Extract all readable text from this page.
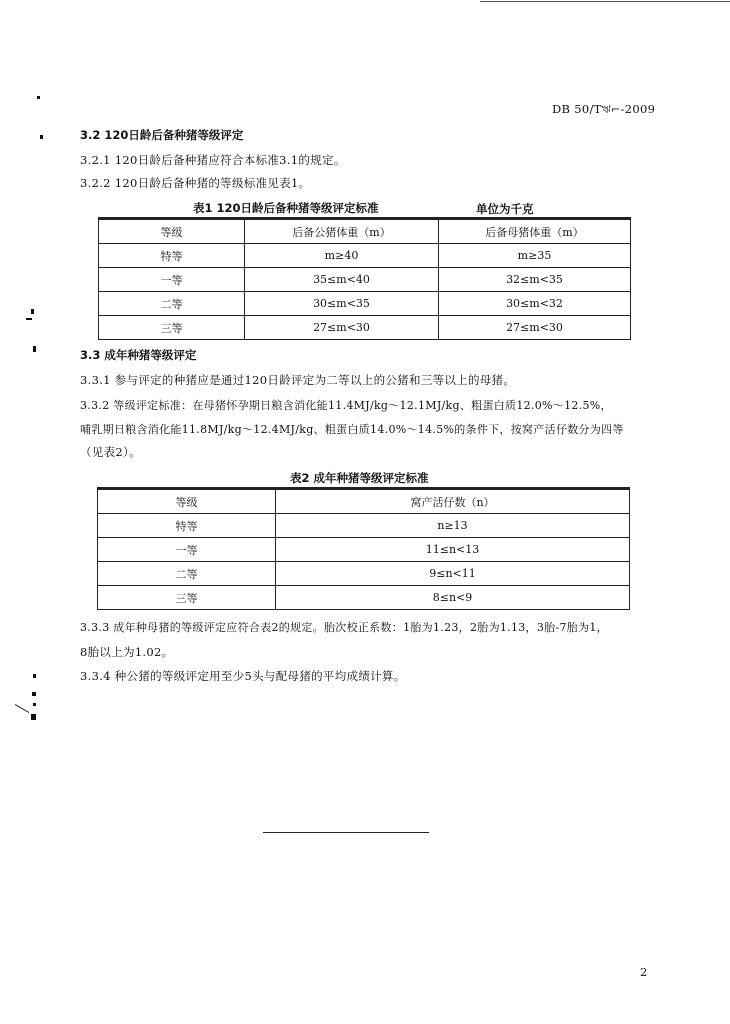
DB 50/Tঋ⌐-2009
3.2 120日龄后备种猪等级评定
3.2.1 120日龄后备种猪应符合本标准3.1的规定。
3.2.2 120日龄后备种猪的等级标准见表1。
表1 120日龄后备种猪等级评定标准	单位为千克
等级	后备公猪体重（m）	后备母猪体重（m）
特等	m≥40	m≥35
一等	35≤m<40	32≤m<35
二等	30≤m<35	30≤m<32
三等	27≤m<30	27≤m<30
3.3 成年种猪等级评定
3.3.1 参与评定的种猪应是通过120日龄评定为二等以上的公猪和三等以上的母猪。
3.3.2 等级评定标准：在母猪怀孕期日粮含消化能11.4MJ/kg～12.1MJ/kg、粗蛋白质12.0%～12.5%，
哺乳期日粮含消化能11.8MJ/kg～12.4MJ/kg、粗蛋白质14.0%～14.5%的条件下，按窝产活仔数分为四等
（见表2）。
表2 成年种猪等级评定标准
等级	窝产活仔数（n）
特等	n≥13
一等	11≤n<13
二等	9≤n<11
三等	8≤n<9
3.3.3 成年种母猪的等级评定应符合表2的规定。胎次校正系数：1胎为1.23，2胎为1.13，3胎-7胎为1，
8胎以上为1.02。
3.3.4 种公猪的等级评定用至少5头与配母猪的平均成绩计算。
2
